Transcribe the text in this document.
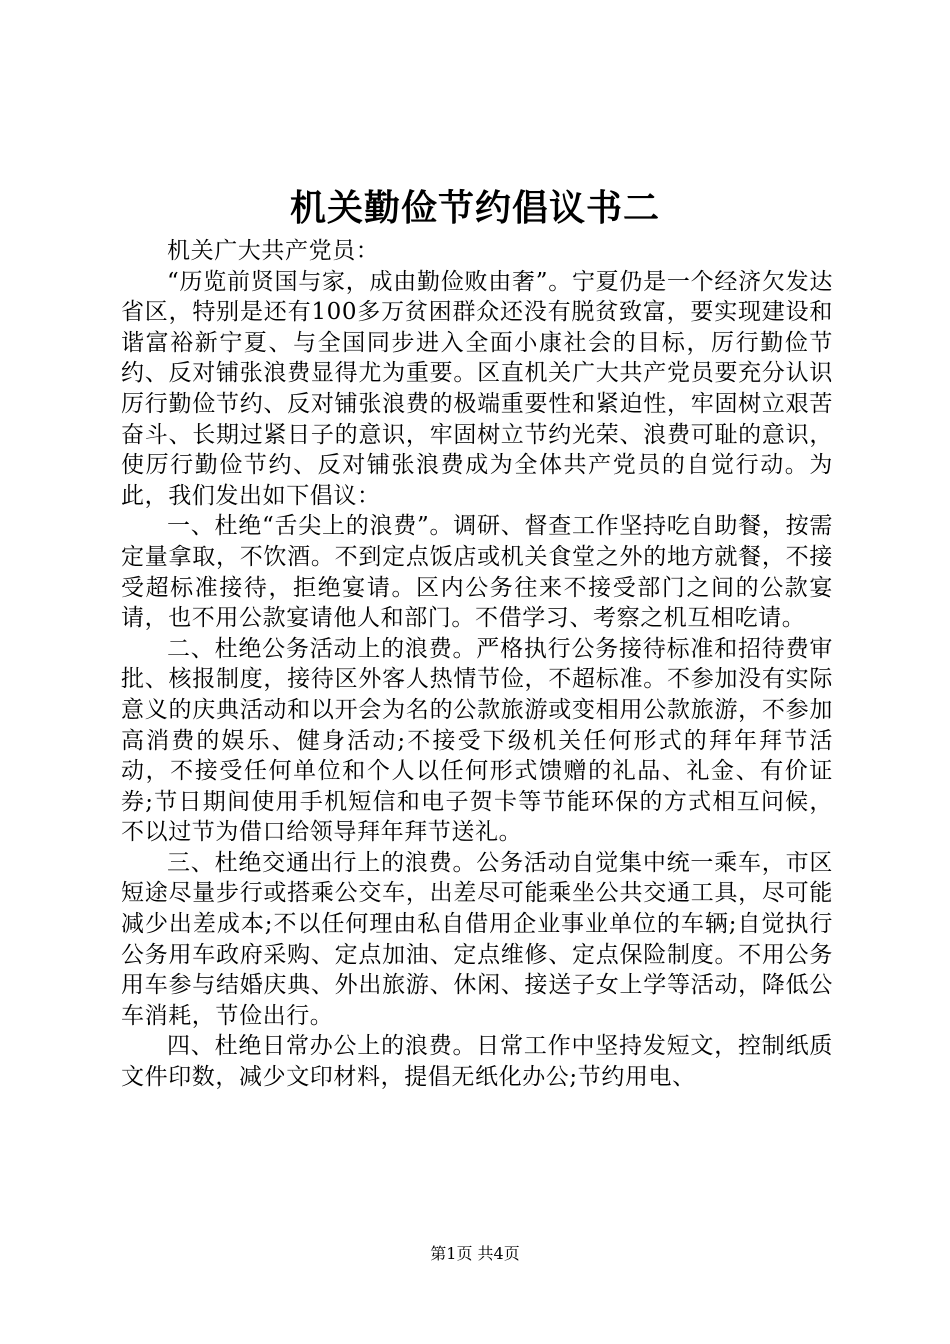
机关勤俭节约倡议书二

机关广大共产党员：

“历览前贤国与家，成由勤俭败由奢”。宁夏仍是一个经济欠发达省区，特别是还有100多万贫困群众还没有脱贫致富，要实现建设和谐富裕新宁夏、与全国同步进入全面小康社会的目标，厉行勤俭节约、反对铺张浪费显得尤为重要。区直机关广大共产党员要充分认识厉行勤俭节约、反对铺张浪费的极端重要性和紧迫性，牢固树立艰苦奋斗、长期过紧日子的意识，牢固树立节约光荣、浪费可耻的意识，使厉行勤俭节约、反对铺张浪费成为全体共产党员的自觉行动。为此，我们发出如下倡议：

一、杜绝“舌尖上的浪费”。调研、督查工作坚持吃自助餐，按需定量拿取，不饮酒。不到定点饭店或机关食堂之外的地方就餐，不接受超标准接待，拒绝宴请。区内公务往来不接受部门之间的公款宴请，也不用公款宴请他人和部门。不借学习、考察之机互相吃请。

二、杜绝公务活动上的浪费。严格执行公务接待标准和招待费审批、核报制度，接待区外客人热情节俭，不超标准。不参加没有实际意义的庆典活动和以开会为名的公款旅游或变相用公款旅游，不参加高消费的娱乐、健身活动;不接受下级机关任何形式的拜年拜节活动，不接受任何单位和个人以任何形式馈赠的礼品、礼金、有价证券;节日期间使用手机短信和电子贺卡等节能环保的方式相互问候，不以过节为借口给领导拜年拜节送礼。

三、杜绝交通出行上的浪费。公务活动自觉集中统一乘车，市区短途尽量步行或搭乘公交车，出差尽可能乘坐公共交通工具，尽可能减少出差成本;不以任何理由私自借用企业事业单位的车辆;自觉执行公务用车政府采购、定点加油、定点维修、定点保险制度。不用公务用车参与结婚庆典、外出旅游、休闲、接送子女上学等活动，降低公车消耗，节俭出行。

四、杜绝日常办公上的浪费。日常工作中坚持发短文，控制纸质文件印数，减少文印材料，提倡无纸化办公;节约用电、

第1页 共4页
